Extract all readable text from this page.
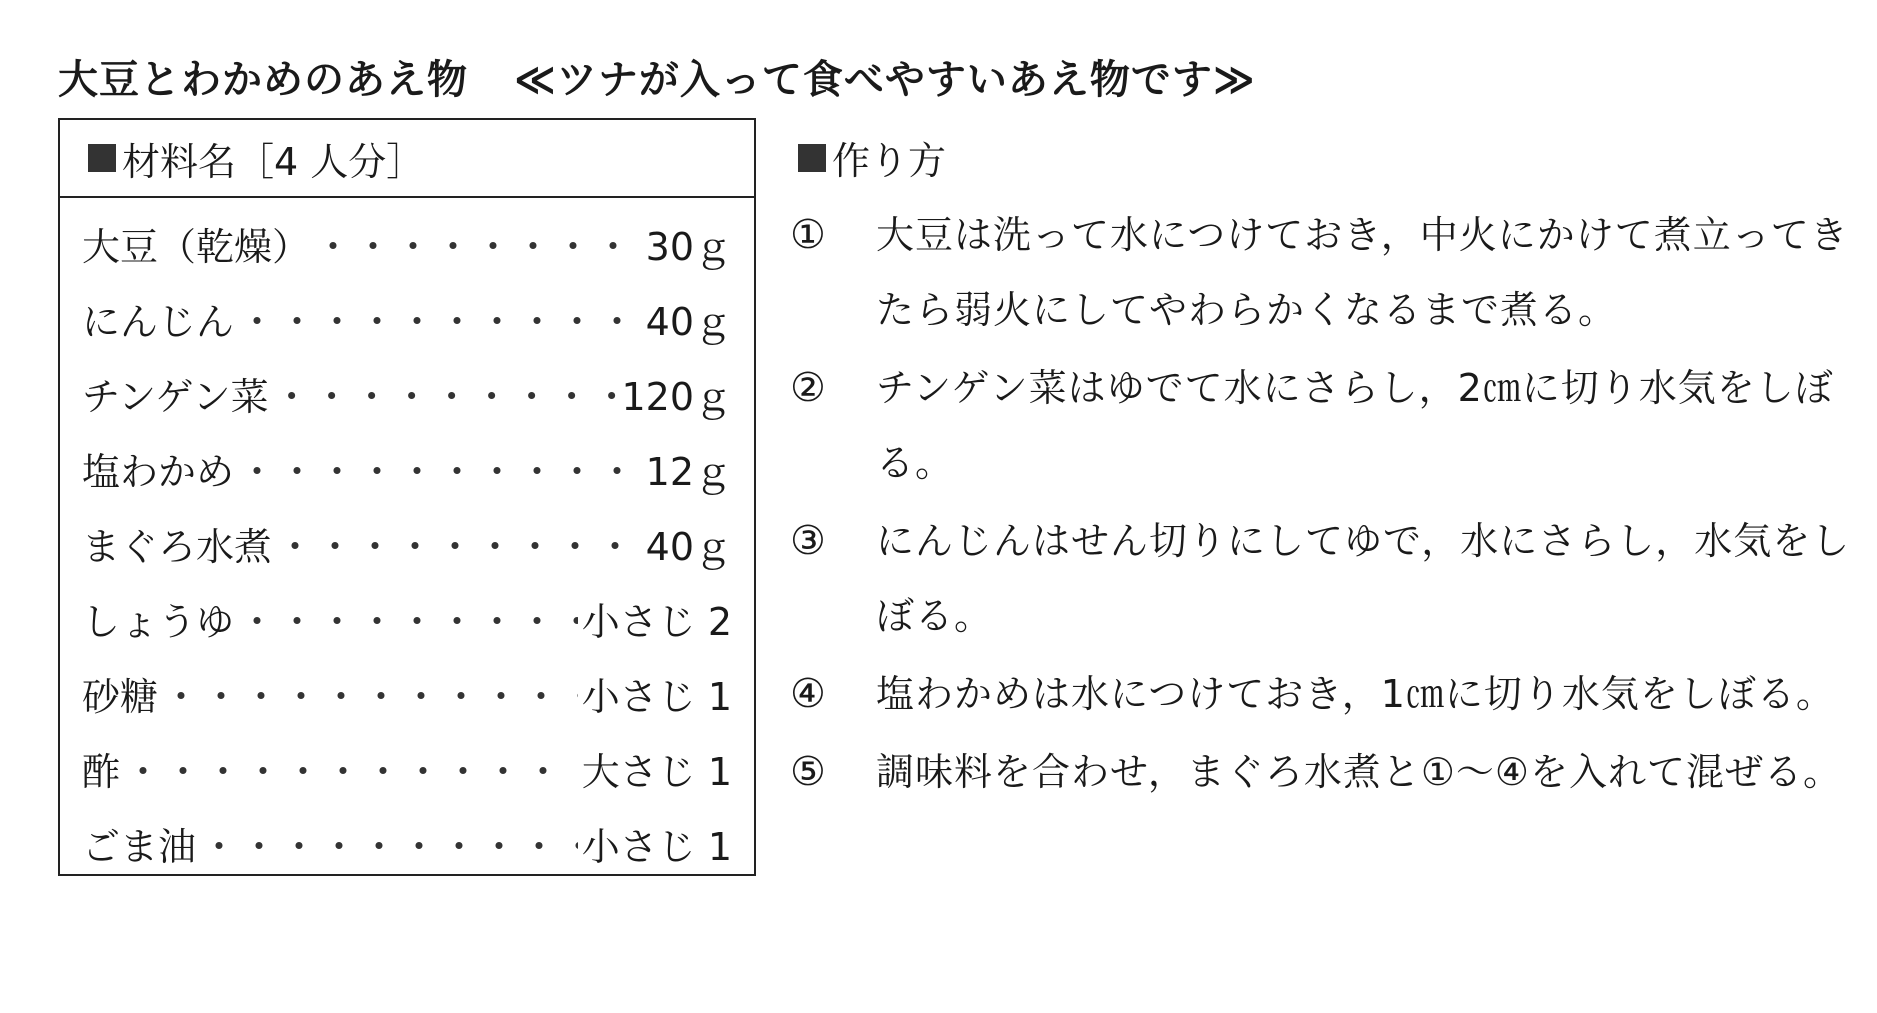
大豆とわかめのあえ物 ≪ツナが入って食べやすいあえ物です≫
材料名［4 人分］
大豆（乾燥） ・・・・・・・・・・・・・・・・・・・・・・・・・・・・・・・・・・	30ｇ
にんじん ・・・・・・・・・・・・・・・・・・・・・・・・・・・・・・・・・・	40ｇ
チンゲン菜 ・・・・・・・・・・・・・・・・・・・・・・・・・・・・・・・・・・	120ｇ
塩わかめ ・・・・・・・・・・・・・・・・・・・・・・・・・・・・・・・・・・	12ｇ
まぐろ水煮 ・・・・・・・・・・・・・・・・・・・・・・・・・・・・・・・・・・	40ｇ
しょうゆ ・・・・・・・・・・・・・・・・・・・・・・・・・・・・・・・・・・	小さじ 2
砂糖 ・・・・・・・・・・・・・・・・・・・・・・・・・・・・・・・・・・	小さじ 1
酢 ・・・・・・・・・・・・・・・・・・・・・・・・・・・・・・・・・・	大さじ 1
ごま油 ・・・・・・・・・・・・・・・・・・・・・・・・・・・・・・・・・・	小さじ 1
作り方
①	大豆は洗って水につけておき，中火にかけて煮立ってきたら弱火にしてやわらかくなるまで煮る。
②	チンゲン菜はゆでて水にさらし，2㎝に切り水気をしぼる。
③	にんじんはせん切りにしてゆで，水にさらし，水気をしぼる。
④	塩わかめは水につけておき，1㎝に切り水気をしぼる。
⑤	調味料を合わせ，まぐろ水煮と①～④を入れて混ぜる。
